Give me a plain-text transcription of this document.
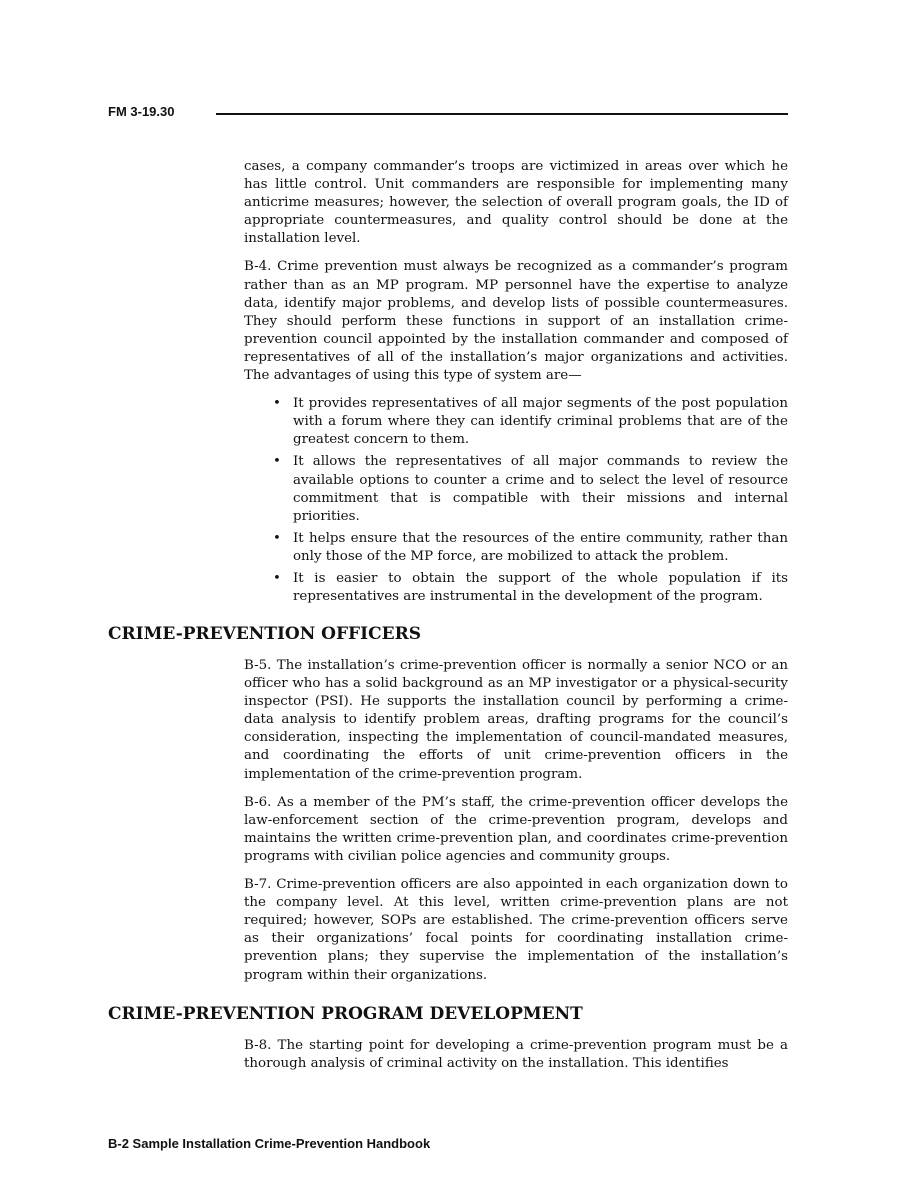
FM 3-19.30

cases, a company commander’s troops are victimized in areas over which he has little control. Unit commanders are responsible for implementing many anticrime measures; however, the selection of overall program goals, the ID of appropriate countermeasures, and quality control should be done at the installation level.

B-4. Crime prevention must always be recognized as a commander’s program rather than as an MP program. MP personnel have the expertise to analyze data, identify major problems, and develop lists of possible countermeasures. They should perform these functions in support of an installation crime-prevention council appointed by the installation commander and composed of representatives of all of the installation’s major organizations and activities. The advantages of using this type of system are—

• It provides representatives of all major segments of the post population with a forum where they can identify criminal problems that are of the greatest concern to them.
• It allows the representatives of all major commands to review the available options to counter a crime and to select the level of resource commitment that is compatible with their missions and internal priorities.
• It helps ensure that the resources of the entire community, rather than only those of the MP force, are mobilized to attack the problem.
• It is easier to obtain the support of the whole population if its representatives are instrumental in the development of the program.
CRIME-PREVENTION OFFICERS

B-5. The installation’s crime-prevention officer is normally a senior NCO or an officer who has a solid background as an MP investigator or a physical-security inspector (PSI). He supports the installation council by performing a crime-data analysis to identify problem areas, drafting programs for the council’s consideration, inspecting the implementation of council-mandated measures, and coordinating the efforts of unit crime-prevention officers in the implementation of the crime-prevention program.

B-6. As a member of the PM’s staff, the crime-prevention officer develops the law-enforcement section of the crime-prevention program, develops and maintains the written crime-prevention plan, and coordinates crime-prevention programs with civilian police agencies and community groups.

B-7. Crime-prevention officers are also appointed in each organization down to the company level. At this level, written crime-prevention plans are not required; however, SOPs are established. The crime-prevention officers serve as their organizations’ focal points for coordinating installation crime-prevention plans; they supervise the implementation of the installation’s program within their organizations.

CRIME-PREVENTION PROGRAM DEVELOPMENT

B-8. The starting point for developing a crime-prevention program must be a thorough analysis of criminal activity on the installation. This identifies

B-2 Sample Installation Crime-Prevention Handbook
